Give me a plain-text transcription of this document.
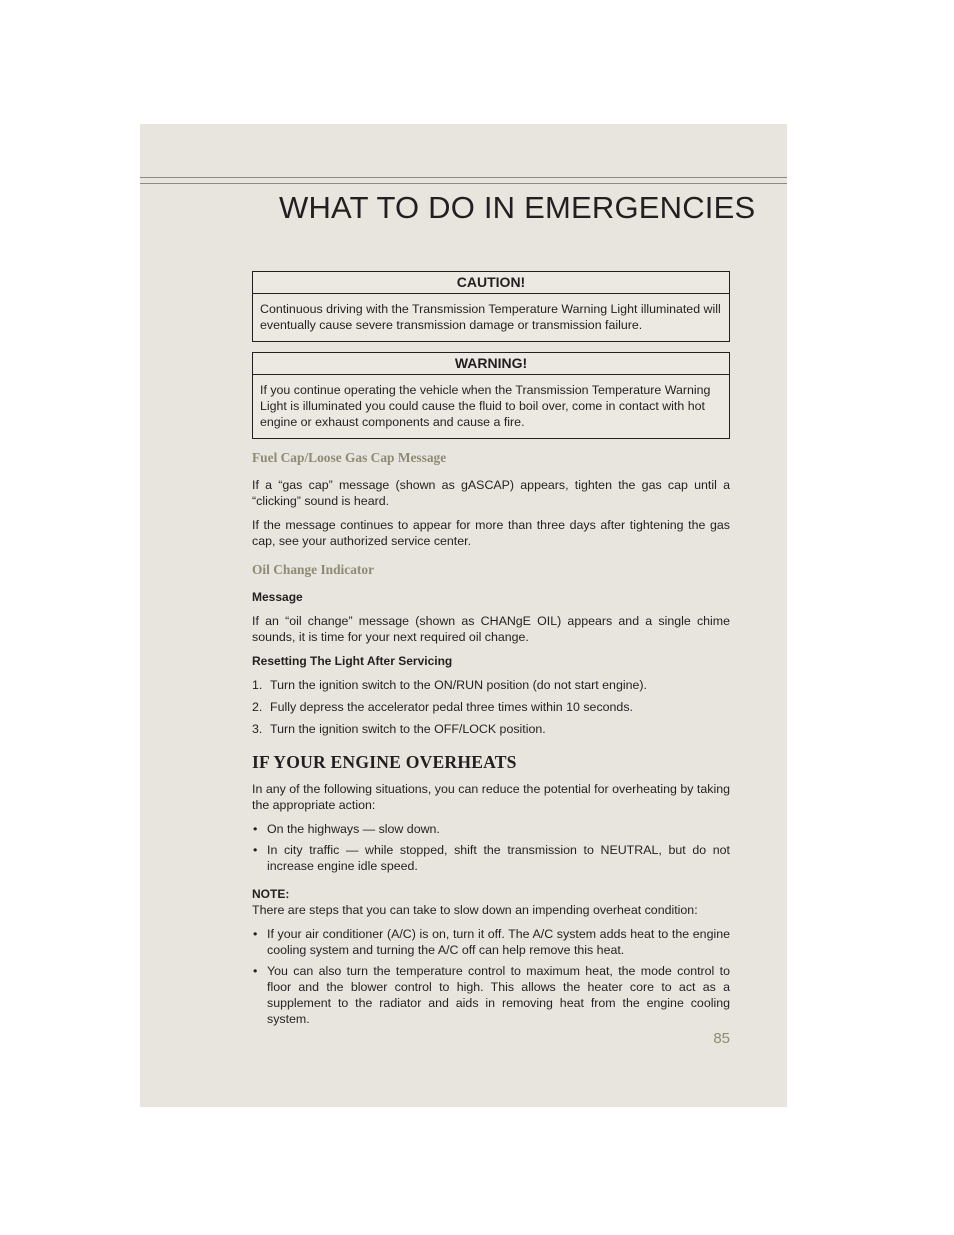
WHAT TO DO IN EMERGENCIES
CAUTION!
Continuous driving with the Transmission Temperature Warning Light illuminated will eventually cause severe transmission damage or transmission failure.
WARNING!
If you continue operating the vehicle when the Transmission Temperature Warning Light is illuminated you could cause the fluid to boil over, come in contact with hot engine or exhaust components and cause a fire.
Fuel Cap/Loose Gas Cap Message

If a “gas cap” message (shown as gASCAP) appears, tighten the gas cap until a “clicking” sound is heard.

If the message continues to appear for more than three days after tightening the gas cap, see your authorized service center.

Oil Change Indicator
Message

If an “oil change” message (shown as CHANgE OIL) appears and a single chime sounds, it is time for your next required oil change.

Resetting The Light After Servicing
1. Turn the ignition switch to the ON/RUN position (do not start engine).
2. Fully depress the accelerator pedal three times within 10 seconds.
3. Turn the ignition switch to the OFF/LOCK position.
IF YOUR ENGINE OVERHEATS

In any of the following situations, you can reduce the potential for overheating by taking the appropriate action:

• On the highways — slow down.
• In city traffic — while stopped, shift the transmission to NEUTRAL, but do not increase engine idle speed.
NOTE:

There are steps that you can take to slow down an impending overheat condition:

• If your air conditioner (A/C) is on, turn it off. The A/C system adds heat to the engine cooling system and turning the A/C off can help remove this heat.
• You can also turn the temperature control to maximum heat, the mode control to floor and the blower control to high. This allows the heater core to act as a supplement to the radiator and aids in removing heat from the engine cooling system.
85
